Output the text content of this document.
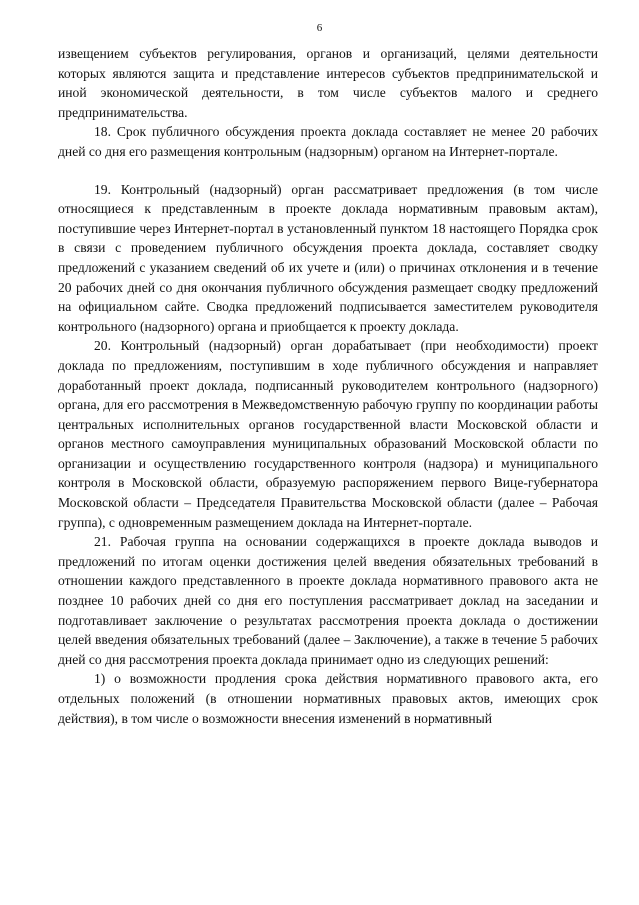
6

извещением субъектов регулирования, органов и организаций, целями деятельности которых являются защита и представление интересов субъектов предпринимательской и иной экономической деятельности, в том числе субъектов малого и среднего предпринимательства.

18. Срок публичного обсуждения проекта доклада составляет не менее 20 рабочих дней со дня его размещения контрольным (надзорным) органом на Интернет-портале.

19. Контрольный (надзорный) орган рассматривает предложения (в том числе относящиеся к представленным в проекте доклада нормативным правовым актам), поступившие через Интернет-портал в установленный пунктом 18 настоящего Порядка срок в связи с проведением публичного обсуждения проекта доклада, составляет сводку предложений с указанием сведений об их учете и (или) о причинах отклонения и в течение 20 рабочих дней со дня окончания публичного обсуждения размещает сводку предложений на официальном сайте. Сводка предложений подписывается заместителем руководителя контрольного (надзорного) органа и приобщается к проекту доклада.

20. Контрольный (надзорный) орган дорабатывает (при необходимости) проект доклада по предложениям, поступившим в ходе публичного обсуждения и направляет доработанный проект доклада, подписанный руководителем контрольного (надзорного) органа, для его рассмотрения в Межведомственную рабочую группу по координации работы центральных исполнительных органов государственной власти Московской области и органов местного самоуправления муниципальных образований Московской области по организации и осуществлению государственного контроля (надзора) и муниципального контроля в Московской области, образуемую распоряжением первого Вице-губернатора Московской области – Председателя Правительства Московской области (далее – Рабочая группа), с одновременным размещением доклада на Интернет-портале.

21. Рабочая группа на основании содержащихся в проекте доклада выводов и предложений по итогам оценки достижения целей введения обязательных требований в отношении каждого представленного в проекте доклада нормативного правового акта не позднее 10 рабочих дней со дня его поступления рассматривает доклад на заседании и подготавливает заключение о результатах рассмотрения проекта доклада о достижении целей введения обязательных требований (далее – Заключение), а также в течение 5 рабочих дней со дня рассмотрения проекта доклада принимает одно из следующих решений:

1) о возможности продления срока действия нормативного правового акта, его отдельных положений (в отношении нормативных правовых актов, имеющих срок действия), в том числе о возможности внесения изменений в нормативный
